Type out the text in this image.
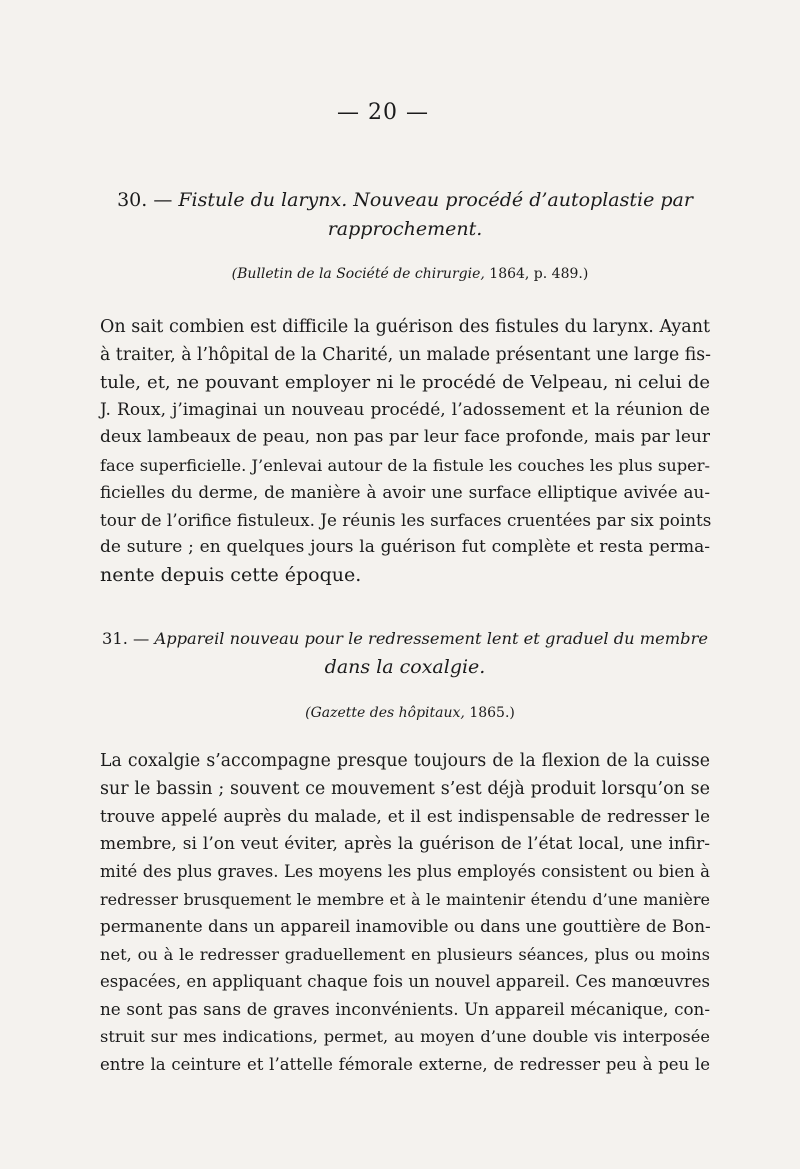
— 20 —
30. — Fistule du larynx. Nouveau procédé d’autoplastie par
rapprochement.
(Bulletin de la Société de chirurgie, 1864, p. 489.)
On sait combien est difficile la guérison des fistules du larynx. Ayant
à traiter, à l’hôpital de la Charité, un malade présentant une large fis-
tule, et, ne pouvant employer ni le procédé de Velpeau, ni celui de
J. Roux, j’imaginai un nouveau procédé, l’adossement et la réunion de
deux lambeaux de peau, non pas par leur face profonde, mais par leur
face superficielle. J’enlevai autour de la fistule les couches les plus super-
ficielles du derme, de manière à avoir une surface elliptique avivée au-
tour de l’orifice fistuleux. Je réunis les surfaces cruentées par six points
de suture ; en quelques jours la guérison fut complète et resta perma-
nente depuis cette époque.
31. — Appareil nouveau pour le redressement lent et graduel du membre
dans la coxalgie.
(Gazette des hôpitaux, 1865.)
La coxalgie s’accompagne presque toujours de la flexion de la cuisse
sur le bassin ; souvent ce mouvement s’est déjà produit lorsqu’on se
trouve appelé auprès du malade, et il est indispensable de redresser le
membre, si l’on veut éviter, après la guérison de l’état local, une infir-
mité des plus graves. Les moyens les plus employés consistent ou bien à
redresser brusquement le membre et à le maintenir étendu d’une manière
permanente dans un appareil inamovible ou dans une gouttière de Bon-
net, ou à le redresser graduellement en plusieurs séances, plus ou moins
espacées, en appliquant chaque fois un nouvel appareil. Ces manœuvres
ne sont pas sans de graves inconvénients. Un appareil mécanique, con-
struit sur mes indications, permet, au moyen d’une double vis interposée
entre la ceinture et l’attelle fémorale externe, de redresser peu à peu le
